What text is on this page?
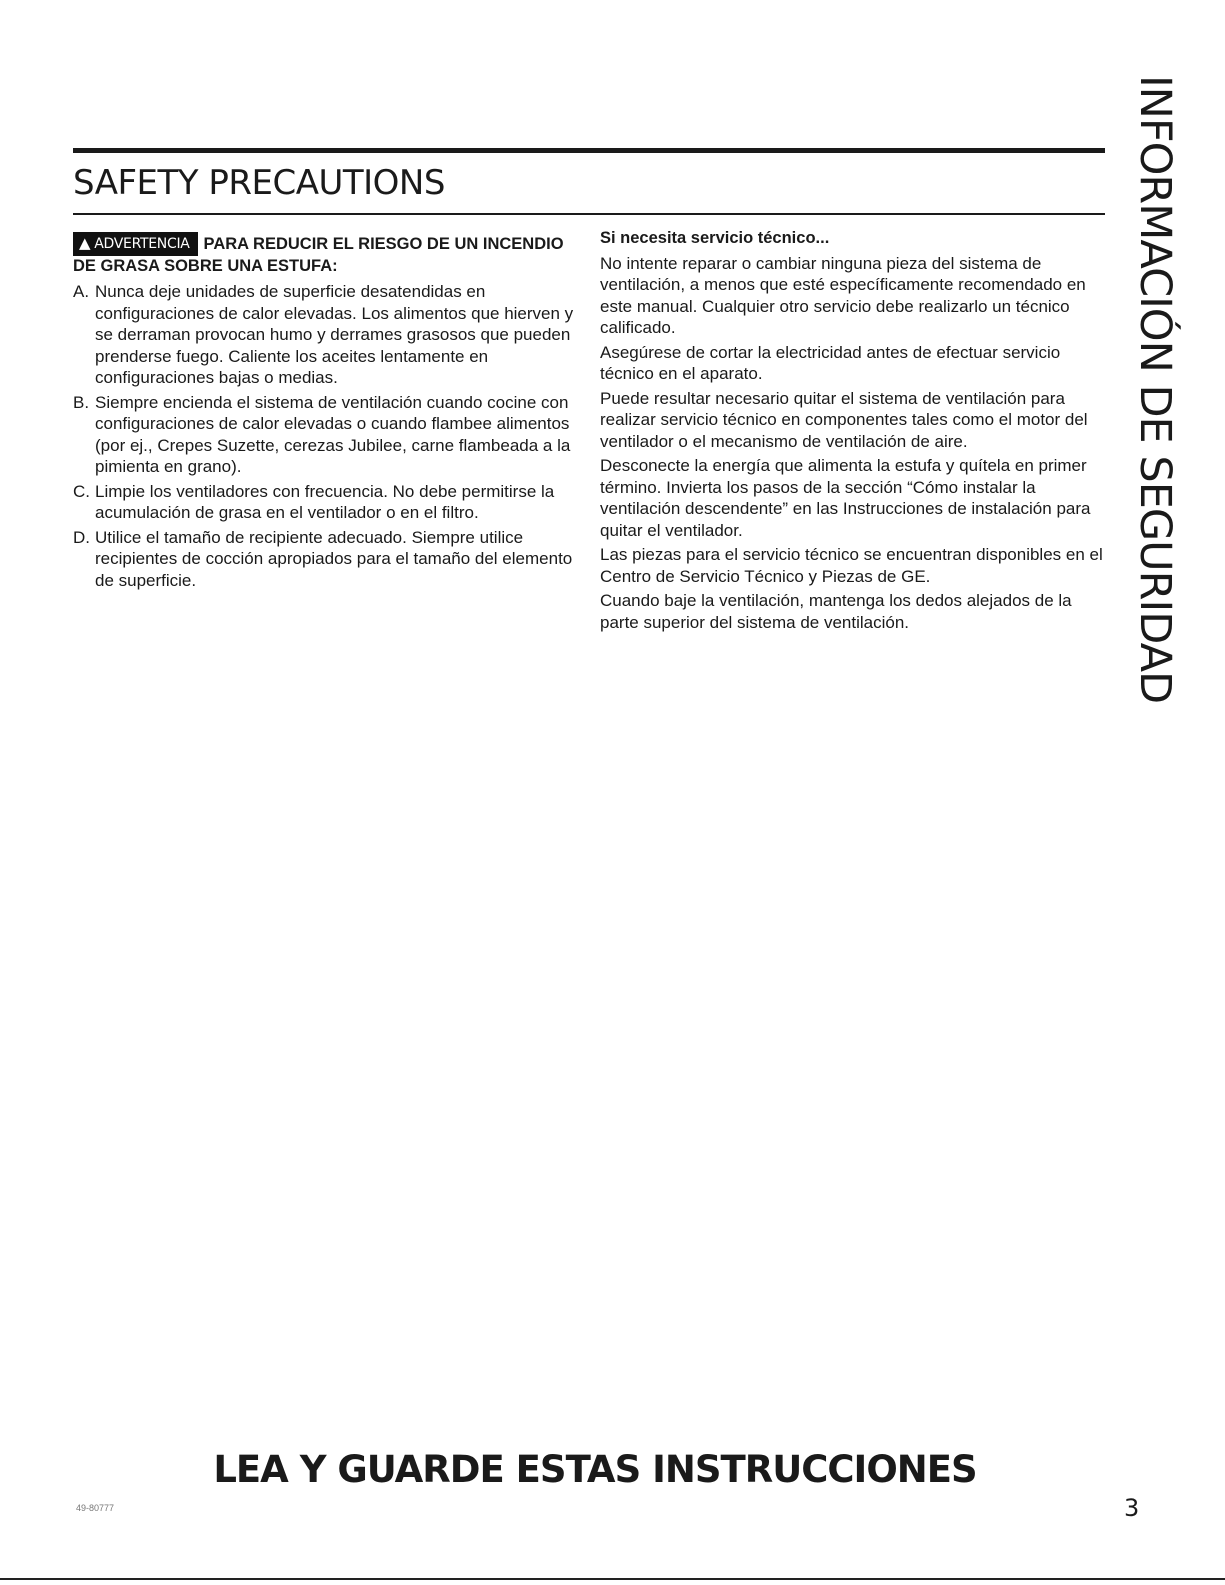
SAFETY PRECAUTIONS
▲ ADVERTENCIA PARA REDUCIR EL RIESGO DE UN INCENDIO DE GRASA SOBRE UNA ESTUFA:
A. Nunca deje unidades de superficie desatendidas en configuraciones de calor elevadas. Los alimentos que hierven y se derraman provocan humo y derrames grasosos que pueden prenderse fuego. Caliente los aceites lentamente en configuraciones bajas o medias.
B. Siempre encienda el sistema de ventilación cuando cocine con configuraciones de calor elevadas o cuando flambee alimentos (por ej., Crepes Suzette, cerezas Jubilee, carne flambeada a la pimienta en grano).
C. Limpie los ventiladores con frecuencia. No debe permitirse la acumulación de grasa en el ventilador o en el filtro.
D. Utilice el tamaño de recipiente adecuado. Siempre utilice recipientes de cocción apropiados para el tamaño del elemento de superficie.
Si necesita servicio técnico...

No intente reparar o cambiar ninguna pieza del sistema de ventilación, a menos que esté específicamente recomendado en este manual. Cualquier otro servicio debe realizarlo un técnico calificado.

Asegúrese de cortar la electricidad antes de efectuar servicio técnico en el aparato.

Puede resultar necesario quitar el sistema de ventilación para realizar servicio técnico en componentes tales como el motor del ventilador o el mecanismo de ventilación de aire.

Desconecte la energía que alimenta la estufa y quítela en primer término. Invierta los pasos de la sección “Cómo instalar la ventilación descendente” en las Instrucciones de instalación para quitar el ventilador.

Las piezas para el servicio técnico se encuentran disponibles en el Centro de Servicio Técnico y Piezas de GE.

Cuando baje la ventilación, mantenga los dedos alejados de la parte superior del sistema de ventilación.	INFORMACIÓN DE SEGURIDAD
LEA Y GUARDE ESTAS INSTRUCCIONES
49-80777	3
